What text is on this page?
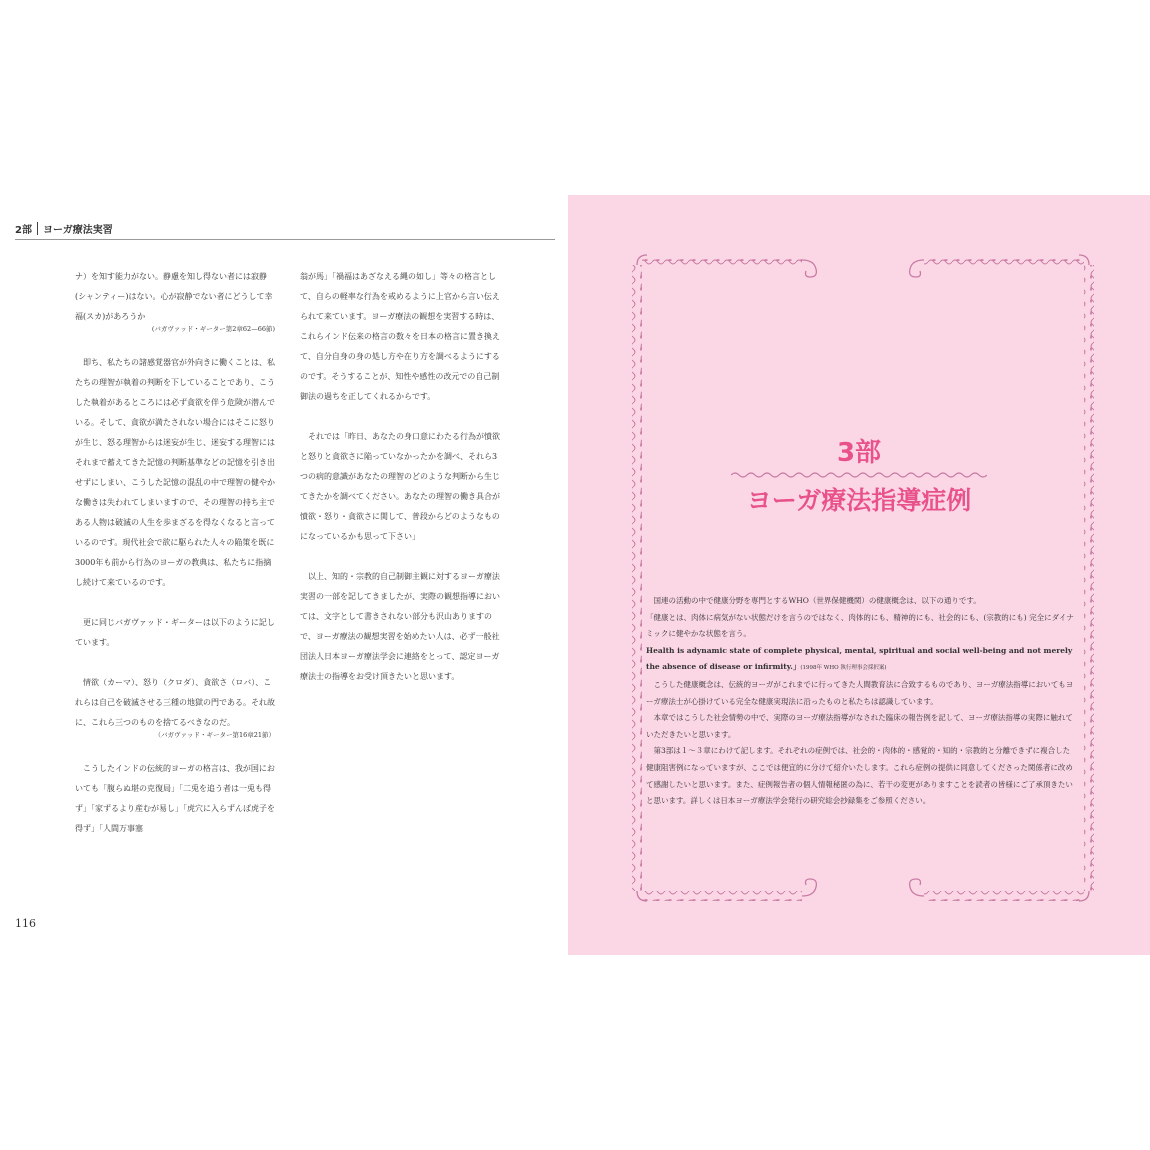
2部 ヨーガ療法実習

ナ）を知す能力がない。静慮を知し得ない者には寂静(シャンティー)はない。心が寂静でない者にどうして幸福(スカ)があろうか

(バガヴァッド・ギーター第2章62—66節)

即ち、私たちの諸感覚器官が外向きに働くことは、私たちの理智が執着の判断を下していることであり、こうした執着があるところには必ず貪欲を伴う危険が潜んでいる。そして、貪欲が満たされない場合にはそこに怒りが生じ、怒る理智からは迷妄が生じ、迷妄する理智にはそれまで蓄えてきた記憶の判断基準などの記憶を引き出せずにしまい、こうした記憶の混乱の中で理智の健やかな働きは失われてしまいますので、その理智の持ち主である人物は破滅の人生を歩まざるを得なくなると言っているのです。現代社会で欲に駆られた人々の陥策を既に3000年も前から行為のヨーガの教典は、私たちに指摘し続けて来ているのです。

更に同じバガヴァッド・ギーターは以下のように記しています。

情欲（カーマ）、怒り（クロダ）、貪欲さ（ロバ）、これらは自己を破滅させる三種の地獄の門である。それ故に、これら三つのものを捨てるべきなのだ。

（バガヴァッド・ギーター第16章21節）

こうしたインドの伝統的ヨーガの格言は、我が国においても「腹らぬ堪の克復局」「二兎を追う者は一兎も得ず」「家ずるより産むが易し」「虎穴に入らずんば虎子を得ず」「人間万事塞

翁が馬」「禍福はあざなえる縄の如し」等々の格言として、自らの軽率な行為を戒めるように上官から言い伝えられて来ています。ヨーガ療法の観想を実習する時は、これらインド伝来の格言の数々を日本の格言に置き換えて、自分自身の身の処し方や在り方を調べるようにするのです。そうすることが、知性や感性の改元での自己制御法の過ちを正してくれるからです。

それでは「昨日、あなたの身口意にわたる行為が憤欲と怒りと貪欲さに陥っていなかったかを調べ、それら3つの病的意識があなたの理智のどのような判断から生じてきたかを調べてください。あなたの理智の働き具合が憤欲・怒り・貪欲さに関して、普段からどのようなものになっているかも思って下さい」

以上、知的・宗教的自己制御主観に対するヨーガ療法実習の一部を記してきましたが、実際の観想指導においては、文字として書きされない部分も沢山ありますので、ヨーガ療法の観想実習を始めたい人は、必ず一般社団法人日本ヨーガ療法学会に連絡をとって、認定ヨーガ療法士の指導をお受け頂きたいと思います。

116
3部
ヨーガ療法指導症例

国連の活動の中で健康分野を専門とするWHO（世界保健機関）の健康概念は、以下の通りです。

「健康とは、肉体に病気がない状態だけを言うのではなく、肉体的にも、精神的にも、社会的にも、(宗教的にも) 完全にダイナミックに健やかな状態を言う。

Health is adynamic state of complete physical, mental, spiritual and social well-being and not merely the absence of disease or infirmity.」(1998年 WHO 執行理事会採択案)

こうした健康概念は、伝統的ヨーガがこれまでに行ってきた人間教育法に合致するものであり、ヨーガ療法指導においてもヨーガ療法士が心掛けている完全な健康実現法に沿ったものと私たちは認識しています。

本章ではこうした社会情勢の中で、実際のヨーガ療法指導がなされた臨床の報告例を記して、ヨーガ療法指導の実際に触れていただきたいと思います。

第3部は１～３章にわけて記します。それぞれの症例では、社会的・肉体的・感覚的・知的・宗教的と分離できずに複合した健康阻害例になっていますが、ここでは便宜的に分けて紹介いたします。これら症例の提供に同意してくださった関係者に改めて感謝したいと思います。また、症例報告者の個人情報秘匿の為に、若干の変更がありますことを読者の皆様にご了承頂きたいと思います。詳しくは日本ヨーガ療法学会発行の研究総会抄録集をご参照ください。
